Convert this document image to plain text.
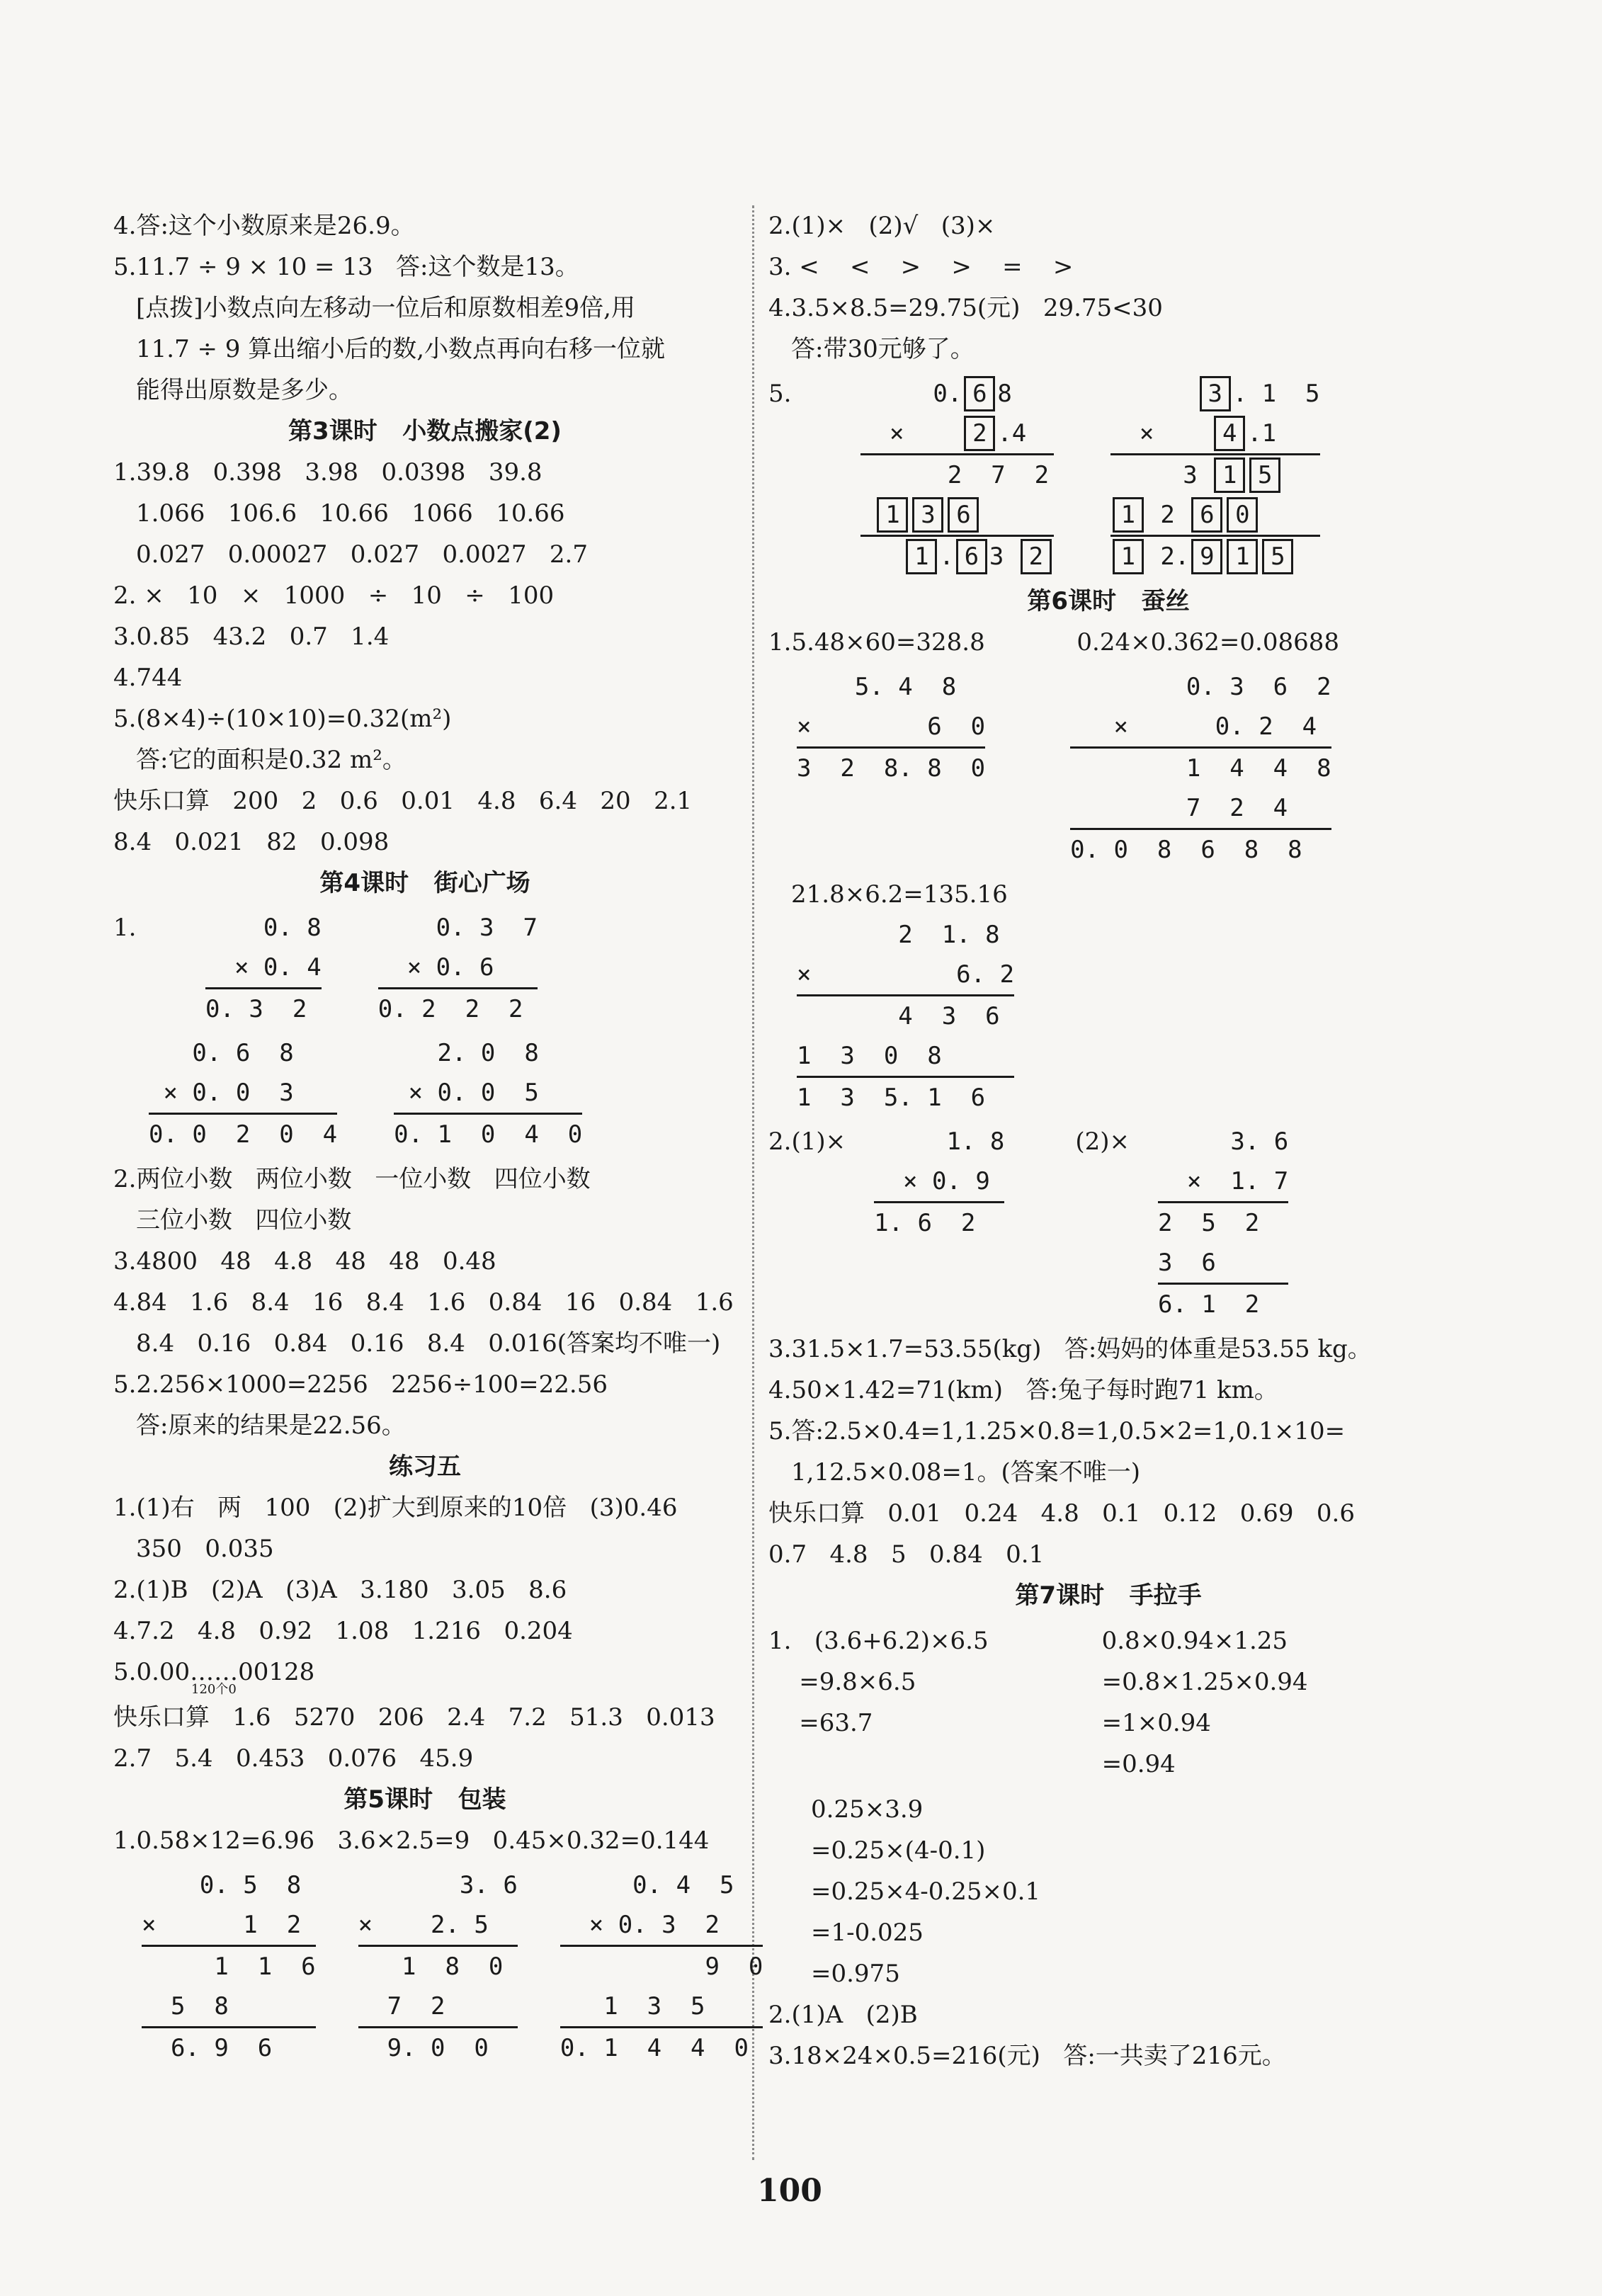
4.答:这个小数原来是26.9。
5.11.7 ÷ 9 × 10 = 13   答:这个数是13。
[点拨]小数点向左移动一位后和原数相差9倍,用
11.7 ÷ 9 算出缩小后的数,小数点再向右移一位就
能得出原数是多少。
第3课时   小数点搬家(2)
1.39.8   0.398   3.98   0.0398   39.8
1.066   106.6   10.66   1066   10.66
0.027   0.00027   0.027   0.0027   2.7
2. ×   10   ×   1000   ÷   10   ÷   100
3.0.85   43.2   0.7   1.4
4.744
5.(8×4)÷(10×10)=0.32(m²)
答:它的面积是0.32 m²。
快乐口算   200   2   0.6   0.01   4.8   6.4   20   2.1
8.4   0.021   82   0.098
第4课时   街心广场
1.	0. 8
× 0. 4
0. 3  2
0. 3  7
× 0. 6
0. 2  2  2
0. 6  8
× 0. 0  3
0. 0  2  0  4
2. 0  8
× 0. 0  5
0. 1  0  4  0
2.两位小数   两位小数   一位小数   四位小数
三位小数   四位小数
3.4800   48   4.8   48   48   0.48
4.84   1.6   8.4   16   8.4   1.6   0.84   16   0.84   1.6
8.4   0.16   0.84   0.16   8.4   0.016(答案均不唯一)
5.2.256×1000=2256   2256÷100=22.56
答:原来的结果是22.56。
练习五
1.(1)右   两   100   (2)扩大到原来的10倍   (3)0.46
350   0.035
2.(1)B   (2)A   (3)A   3.180   3.05   8.6
4.7.2   4.8   0.92   1.08   1.216   0.204
5.0.00……00128
120个0
快乐口算   1.6   5270   206   2.4   7.2   51.3   0.013
2.7   5.4   0.453   0.076   45.9
第5课时   包装
1.0.58×12=6.96   3.6×2.5=9   0.45×0.32=0.144
0. 5  8
×      1  2
1  1  6
5  8
6. 9  6
3. 6
×    2. 5
1  8  0
7  2
9. 0  0
0. 4  5
× 0. 3  2
9  0
1  3  5
0. 1  4  4  0
2.(1)×   (2)√   (3)×
3. <    <    >    >    =    >
4.3.5×8.5=29.75(元)   29.75<30
答:带30元够了。
5.	0. 6 8
×	2 .4
2  7  2
1 3 6
1 . 6 3 2
3 . 1  5
×	4 .1
3 1 5
1 2 6 0
1 2. 9 1 5
第6课时   蚕丝
1.5.48×60=328.8            0.24×0.362=0.08688
5. 4  8
×        6  0
3  2  8. 8  0
0. 3  6  2
×      0. 2  4
1  4  4  8
7  2  4
0. 0  8  6  8  8
21.8×6.2=135.16
2  1. 8
×          6. 2
4  3  6
1  3  0  8
1  3  5. 1  6
2.(1)× 1. 8
× 0. 9
1. 6  2
(2)× 3. 6
×  1. 7
2  5  2
3  6
6. 1  2
3.31.5×1.7=53.55(kg)   答:妈妈的体重是53.55 kg。
4.50×1.42=71(km)   答:兔子每时跑71 km。
5.答:2.5×0.4=1,1.25×0.8=1,0.5×2=1,0.1×10=
1,12.5×0.08=1。(答案不唯一)
快乐口算   0.01   0.24   4.8   0.1   0.12   0.69   0.6
0.7   4.8   5   0.84   0.1
第7课时   手拉手
1.   (3.6+6.2)×6.5
=9.8×6.5
=63.7
0.8×0.94×1.25
=0.8×1.25×0.94
=1×0.94
=0.94
0.25×3.9
=0.25×(4-0.1)
=0.25×4-0.25×0.1
=1-0.025
=0.975
2.(1)A   (2)B
3.18×24×0.5=216(元)   答:一共卖了216元。
100
